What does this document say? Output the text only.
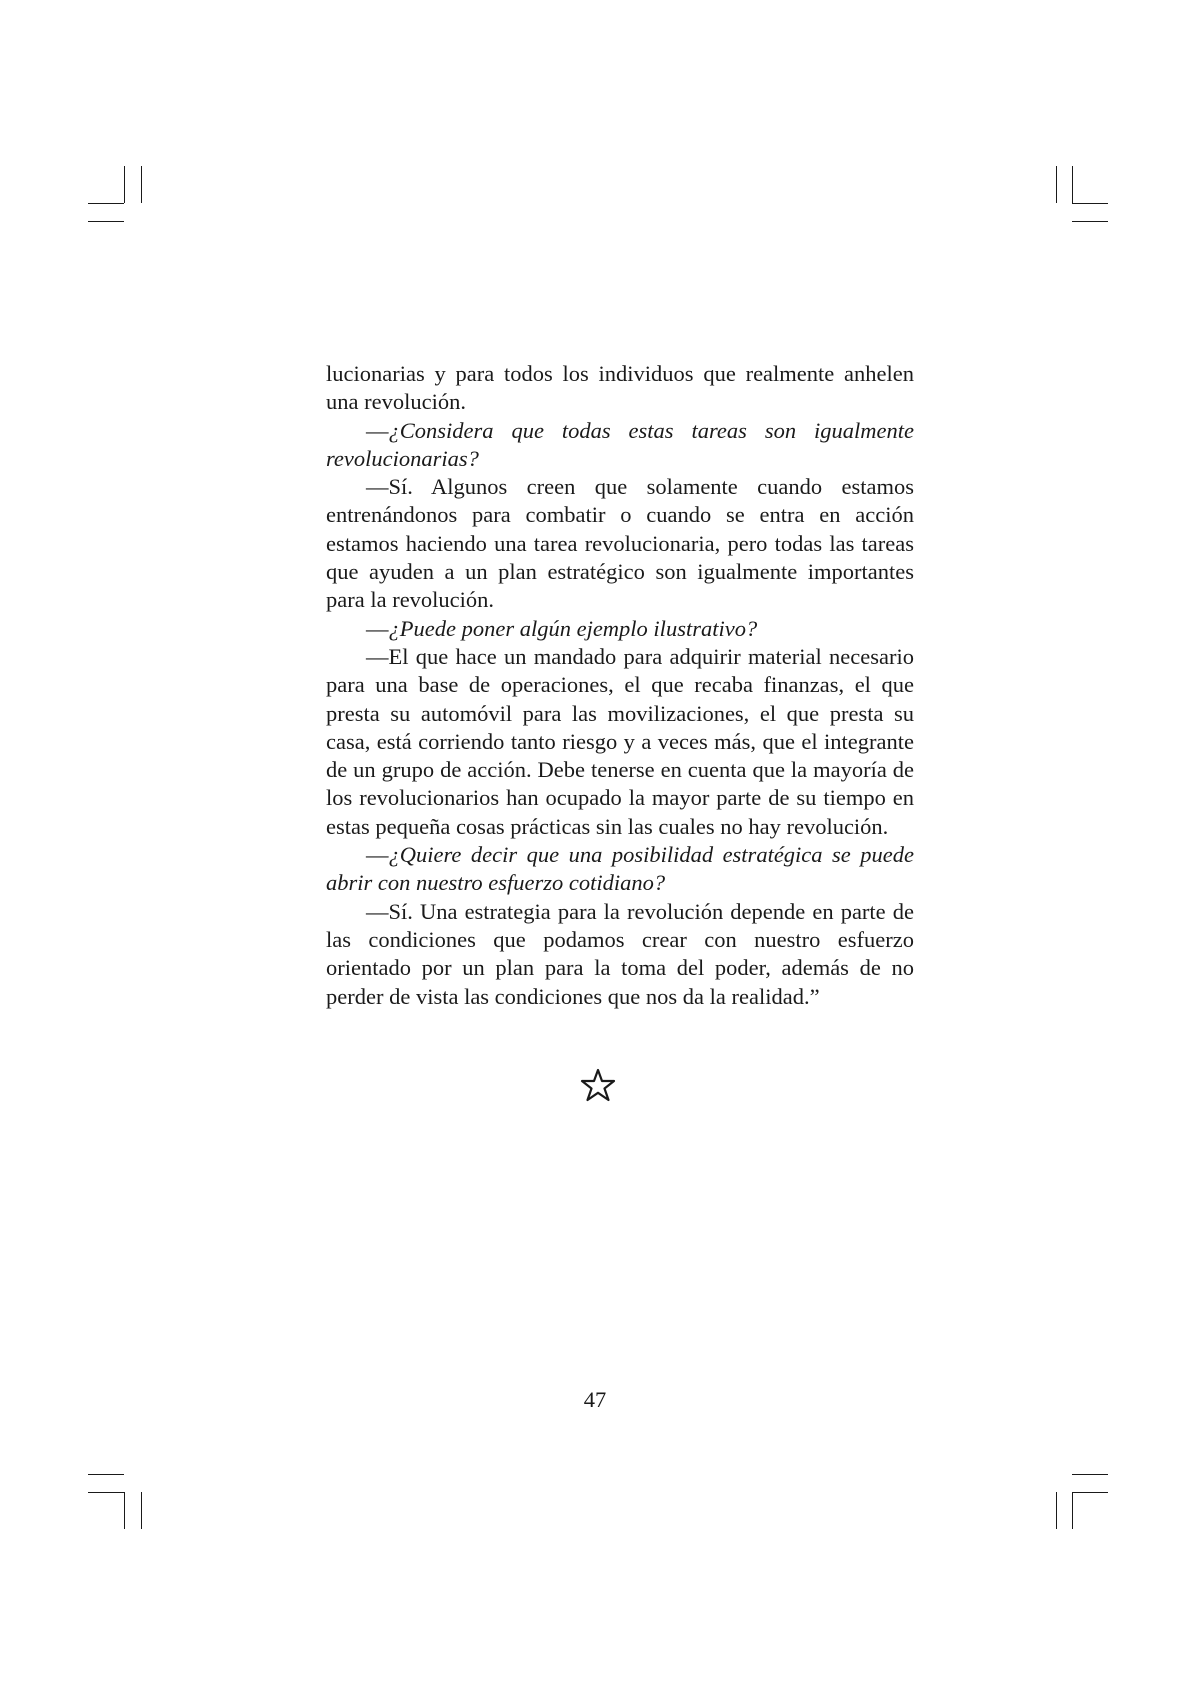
lucionarias y para todos los individuos que realmente anhelen una revolución.

—¿Considera que todas estas tareas son igualmente revolucionarias?

—Sí. Algunos creen que solamente cuando estamos entrenándonos para combatir o cuando se entra en acción estamos haciendo una tarea revolucionaria, pero todas las tareas que ayuden a un plan estratégico son igualmente importantes para la revolución.

—¿Puede poner algún ejemplo ilustrativo?

—El que hace un mandado para adquirir material necesario para una base de operaciones, el que recaba finanzas, el que presta su automóvil para las movilizaciones, el que presta su casa, está corriendo tanto riesgo y a veces más, que el integrante de un grupo de acción. Debe tenerse en cuenta que la mayoría de los revolucionarios han ocupado la mayor parte de su tiempo en estas pequeña cosas prácticas sin las cuales no hay revolución.

—¿Quiere decir que una posibilidad estratégica se puede abrir con nuestro esfuerzo cotidiano?

—Sí. Una estrategia para la revolución depende en parte de las condiciones que podamos crear con nuestro esfuerzo orientado por un plan para la toma del poder, además de no perder de vista las condiciones que nos da la realidad.”

47
